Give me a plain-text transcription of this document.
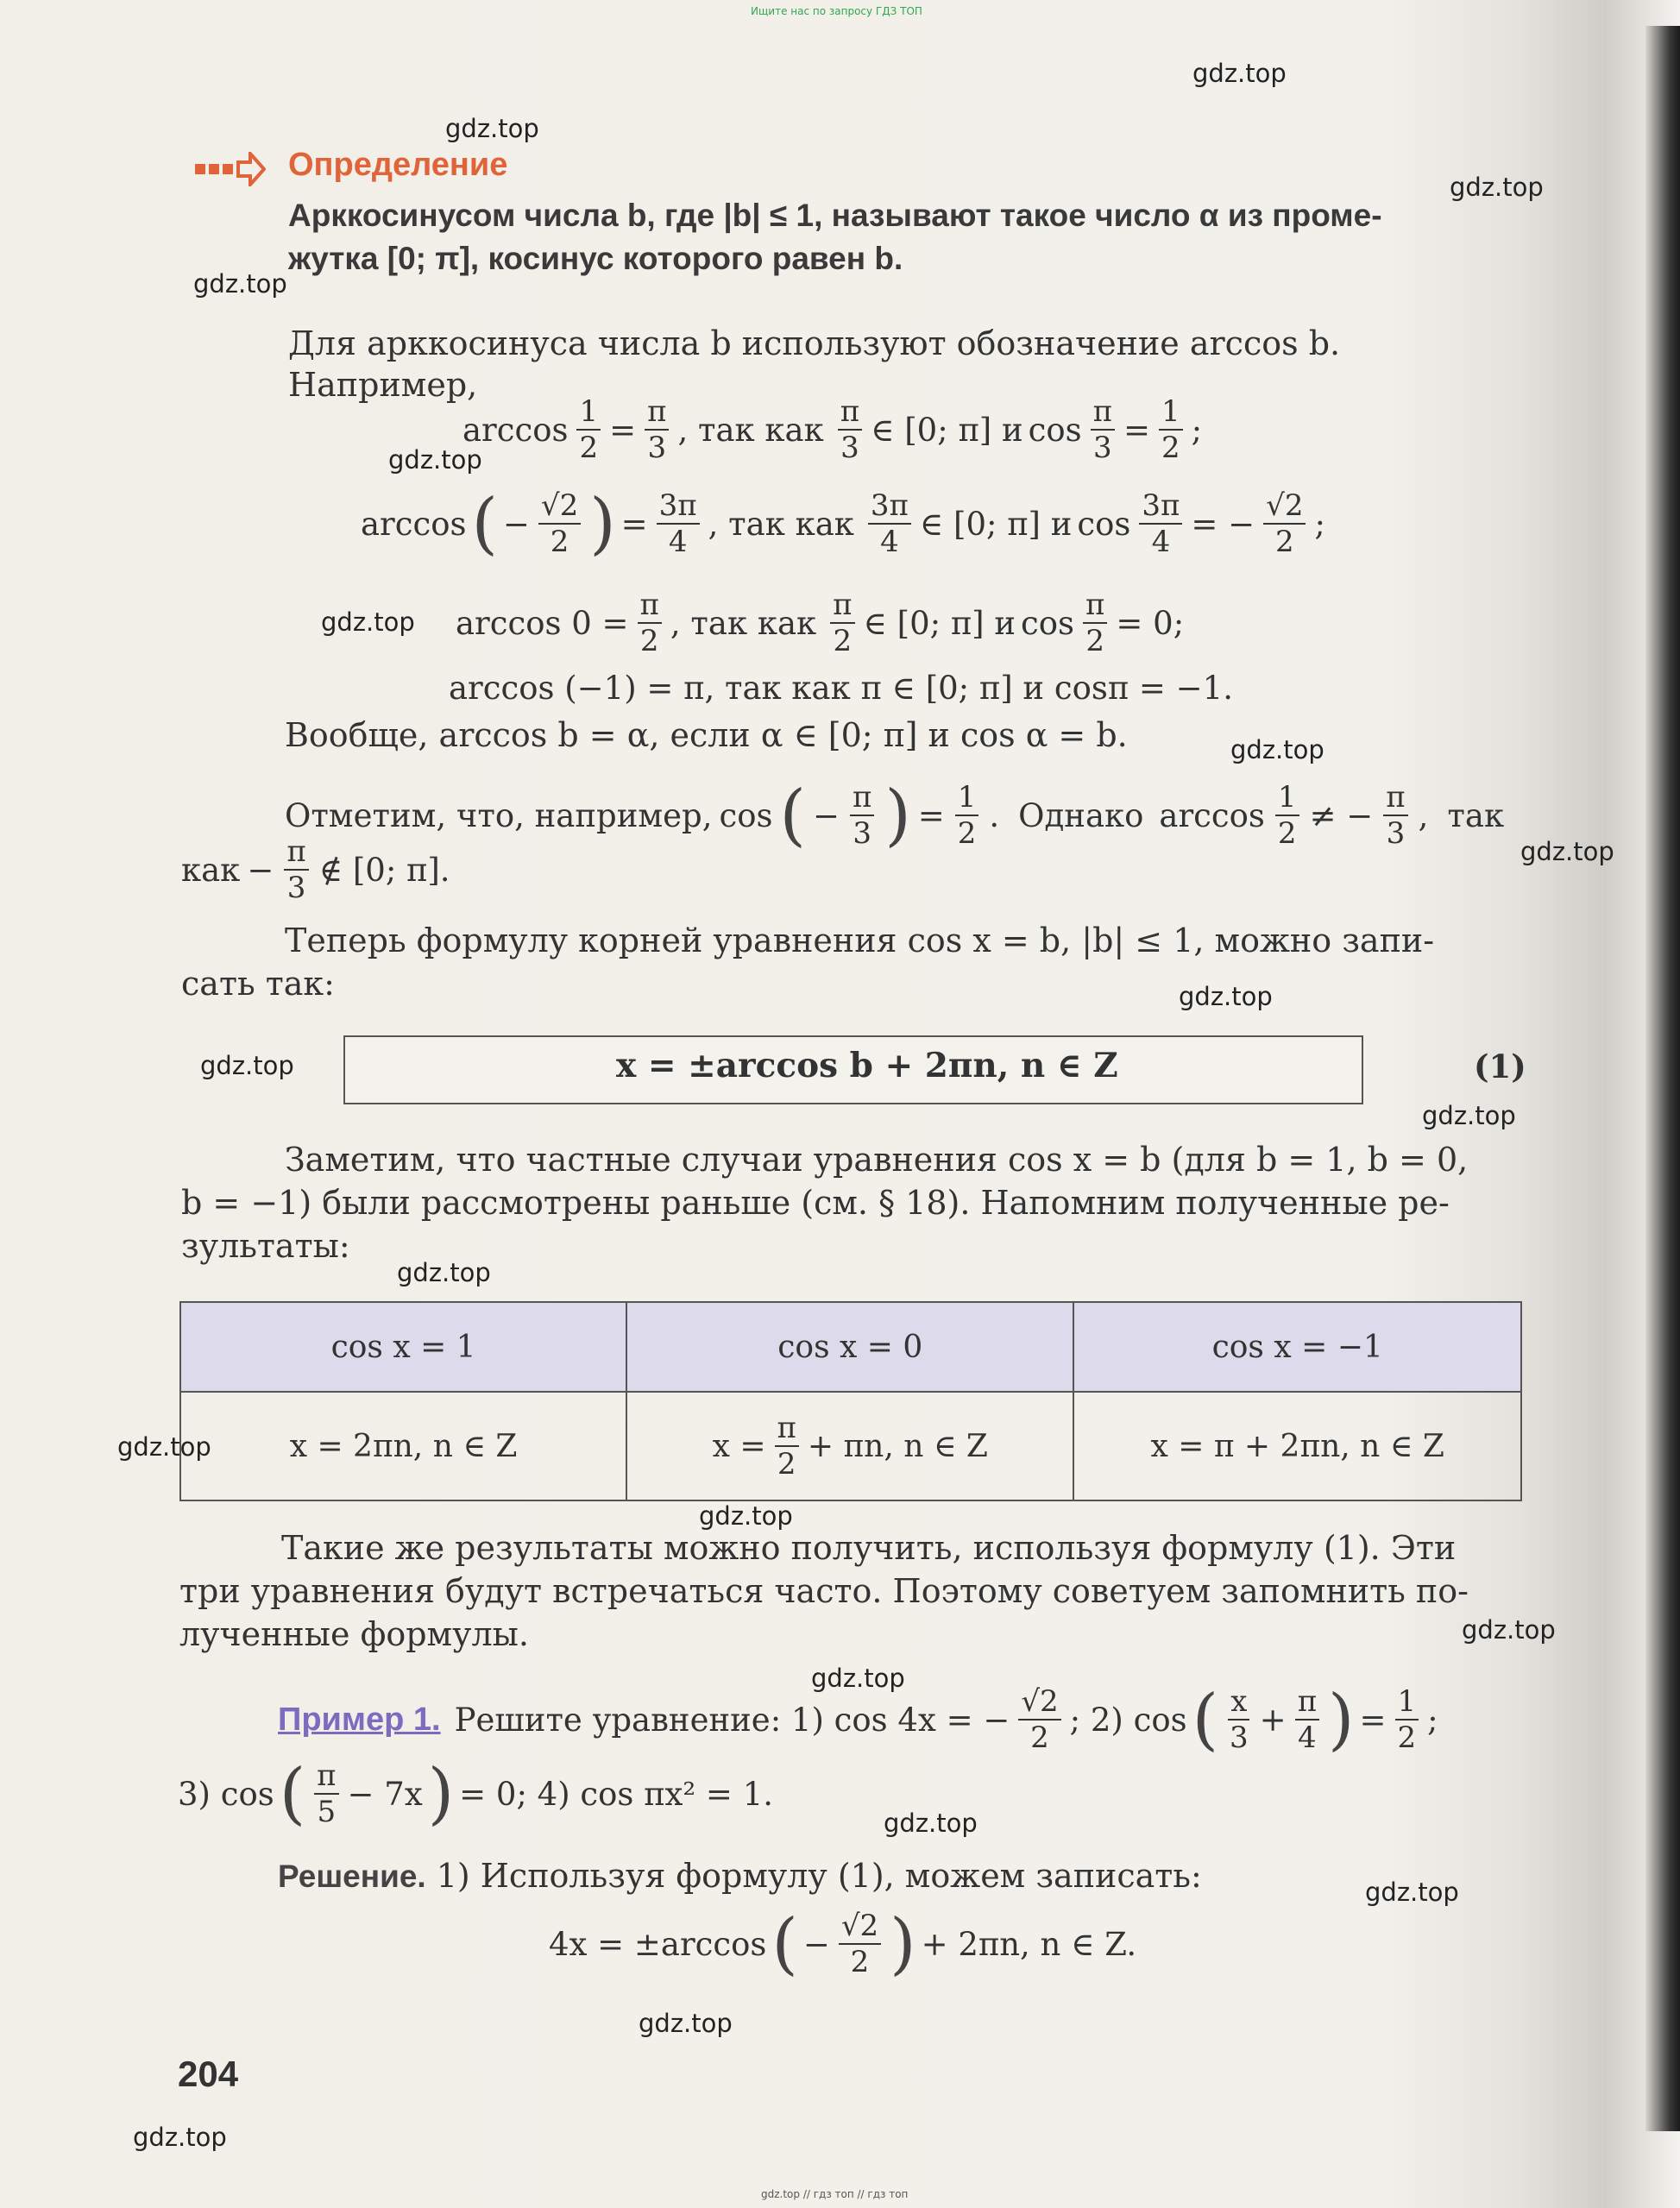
Ищите нас по запросу ГДЗ ТОП
gdz.top // гдз топ // гдз топ
gdz.top
gdz.top
gdz.top
gdz.top
gdz.top
gdz.top
gdz.top
gdz.top
gdz.top
gdz.top
gdz.top
gdz.top
gdz.top
gdz.top
gdz.top
gdz.top
gdz.top
gdz.top
gdz.top
gdz.top
Определение
Арккосинусом числа b, где |b| ≤ 1, называют такое число α из проме-
жутка [0; π], косинус которого равен b.
Для арккосинуса числа b используют обозначение arccos b.
Например,
$\arccos \frac{1}{2} = \frac{\pi}{3}$ , так как $\frac{\pi}{3}$ ∈ [0; π] и $\cos \frac{\pi}{3} = \frac{1}{2}$ ;
arccos ( − $\frac{√2}{2}$ ) = $\frac{3\pi}{4}$ , так как $\frac{3\pi}{4}$ ∈ [0; π] и $\cos \frac{3\pi}{4}$ = − $\frac{√2}{2}$ ;
$\arccos 0 = \frac{\pi}{2}$ , так как $\frac{\pi}{2}$ ∈ [0; π] и $\cos \frac{\pi}{2} = 0$;
arccos (−1) = π, так как π ∈ [0; π] и cosπ = −1.
Вообще, arccos b = α, если α ∈ [0; π] и cos α = b.
Отметим, что, например, cos ( − $\frac{\pi}{3}$ ) = $\frac{1}{2}$ . Однако $\arccos \frac{1}{2}$ ≠ − $\frac{\pi}{3}$ , так
как − $\frac{\pi}{3}$ ∉ [0; π].
Теперь формулу корней уравнения cos x = b, |b| ≤ 1, можно запи-
сать так:
x = ±arccos b + 2πn, n ∈ Z	(1)
Заметим, что частные случаи уравнения cos x = b (для b = 1, b = 0,
b = −1) были рассмотрены раньше (см. § 18). Напомним полученные ре-
зультаты:
cos x = 1	cos x = 0	cos x = −1
x = 2πn, n ∈ Z	$x = \frac{\pi}{2} + \pi n$, n ∈ Z	x = π + 2πn, n ∈ Z
Такие же результаты можно получить, используя формулу (1). Эти
три уравнения будут встречаться часто. Поэтому советуем запомнить по-
лученные формулы.
Пример 1. Решите уравнение: 1) cos 4x = − $\frac{√2}{2}$ ; 2) cos ( $\frac{x}{3} + \frac{\pi}{4}$ ) = $\frac{1}{2}$ ;
3) cos ( $\frac{\pi}{5} - 7x$ ) = 0; 4) cos πx² = 1.
Решение. 1) Используя формулу (1), можем записать:
4x = ±arccos ( − $\frac{√2}{2}$ ) + 2πn, n ∈ Z.
204
